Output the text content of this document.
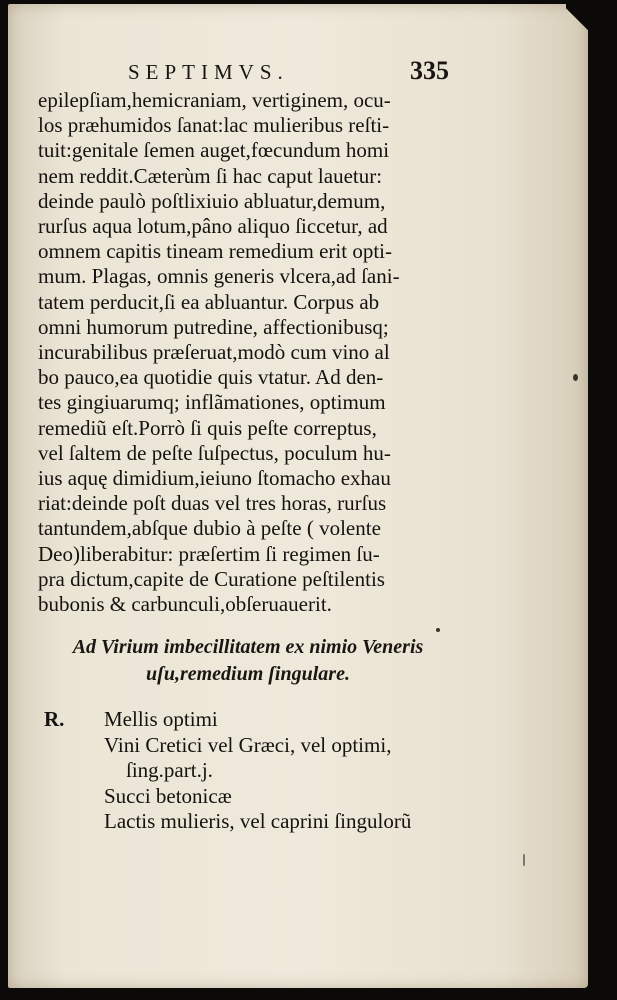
SEPTIMVS.	335
epilepſiam,hemicraniam, vertiginem, ocu-
los præhumidos ſanat:lac mulieribus reſti-
tuit:genitale ſemen auget,fœcundum homi
nem reddit.Cæterùm ſi hac caput lauetur:
deinde paulò poſtlixiuio abluatur,demum,
rurſus aqua lotum,pâno aliquo ſiccetur, ad
omnem capitis tineam remedium erit opti-
mum. Plagas, omnis generis vlcera,ad ſani-
tatem perducit,ſi ea abluantur. Corpus ab
omni humorum putredine, affectionibusq;
incurabilibus præſeruat,modò cum vino al
bo pauco,ea quotidie quis vtatur. Ad den-
tes gingiuarumq; inflãmationes, optimum
remediũ eſt.Porrò ſi quis peſte correptus,
vel ſaltem de peſte ſuſpectus, poculum hu-
ius aquę dimidium,ieiuno ſtomacho exhau
riat:deinde poſt duas vel tres horas, rurſus
tantundem,abſque dubio à peſte ( volente
Deo)liberabitur: præſertim ſi regimen ſu-
pra dictum,capite de Curatione peſtilentis
bubonis & carbunculi,obſeruauerit.
Ad Virium imbecillitatem ex nimio Veneris
uſu,remedium ſingulare.
R.	Mellis optimi
Vini Cretici vel Græci, vel optimi,
ſing.part.j.
Succi betonicæ
Lactis mulieris, vel caprini ſingulorũ
